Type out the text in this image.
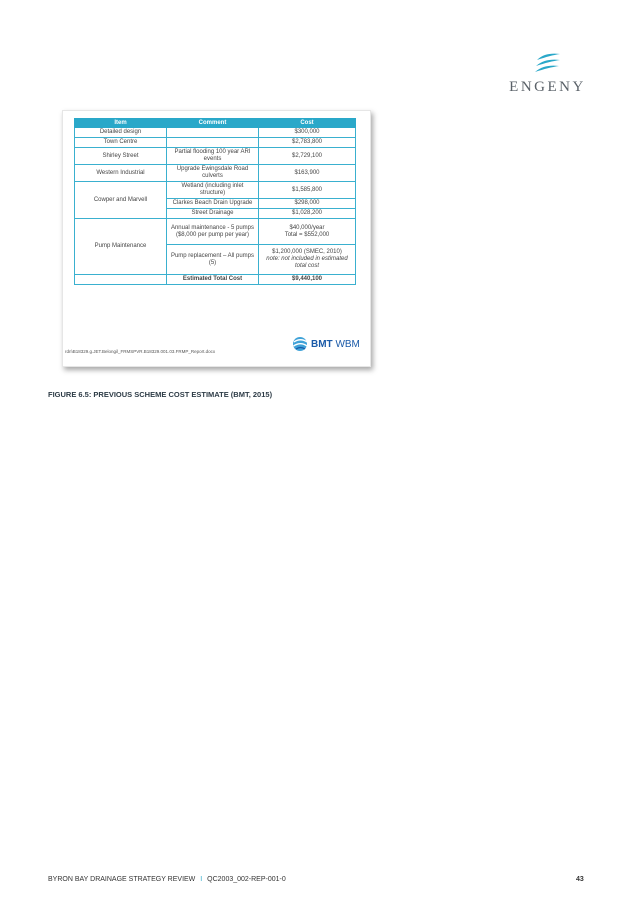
ENGENY
Item	Comment	Cost
Detailed design		$300,000
Town Centre		$2,783,800
Shirley Street	Partial flooding 100 year ARI events	$2,729,100
Western Industrial	Upgrade Ewingsdale Road culverts	$163,900
Cowper and Marvell	Wetland (including inlet structure)	$1,585,800
	Clarkes Beach Drain Upgrade	$298,000
	Street Drainage	$1,028,200
Pump Maintenance	Annual maintenance - 5 pumps ($8,000 per pump per year)	$40,000/year
Total = $552,000

	Pump replacement – All pumps (5)	$1,200,000 (SMEC, 2010)
note: not included in estimated total cost

	Estimated Total Cost	$9,440,100
rdn\B18329.g.JET.Belongil_FRMSPVR.B18329.001.03.FRMP_Report.docx
BMT WBM
FIGURE 6.5: PREVIOUS SCHEME COST ESTIMATE (BMT, 2015)
BYRON BAY DRAINAGE STRATEGY REVIEW I QC2003_002-REP-001-0	43
